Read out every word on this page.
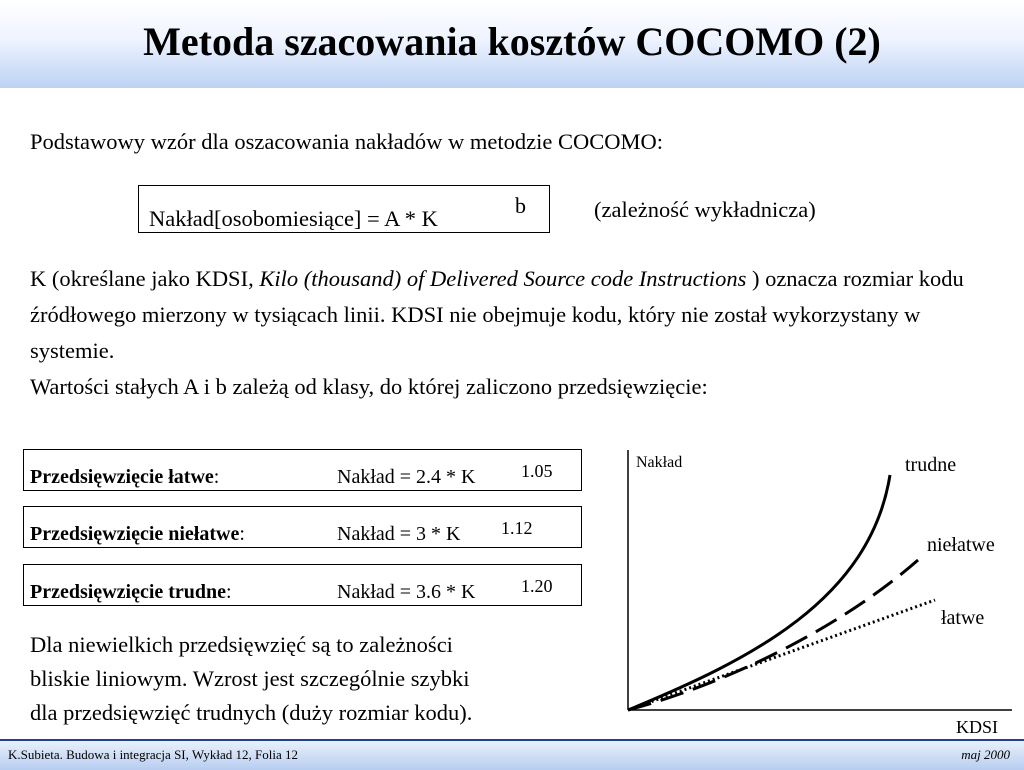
Metoda szacowania kosztów COCOMO (2)
Podstawowy wzór dla oszacowania nakładów w metodzie COCOMO:
Nakład[osobomiesiące] = A * K
b	(zależność wykładnicza)
K (określane jako KDSI, Kilo (thousand) of Delivered Source code Instructions ) oznacza rozmiar kodu źródłowego mierzony w tysiącach linii. KDSI nie obejmuje kodu, który nie został wykorzystany w systemie.
Wartości stałych A i b zależą od klasy, do której zaliczono przedsięwzięcie:
Przedsięwzięcie łatwe:	Nakład = 2.4 * K	1.05
Przedsięwzięcie niełatwe:	Nakład = 3 * K 1.12
Przedsięwzięcie trudne:	Nakład = 3.6 * K	1.20
Dla niewielkich przedsięwzięć są to zależności
bliskie liniowym. Wzrost jest szczególnie szybki
dla przedsięwzięć trudnych (duży rozmiar kodu).
Nakład
KDSI
trudne
niełatwe
łatwe
K.Subieta. Budowa i integracja SI, Wykład 12, Folia 12	maj 2000
